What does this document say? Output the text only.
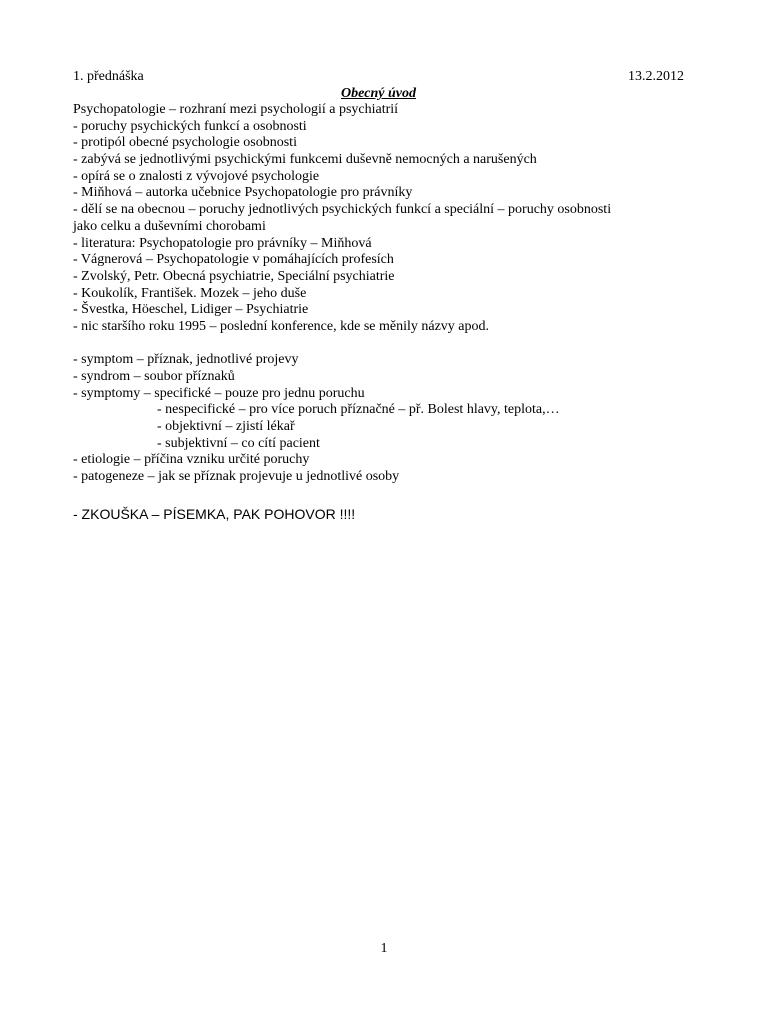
1. přednáška	13.2.2012
Obecný úvod
Psychopatologie – rozhraní mezi psychologií a psychiatrií
- poruchy psychických funkcí a osobnosti
- protipól obecné psychologie osobnosti
- zabývá se jednotlivými psychickými funkcemi duševně nemocných a narušených
- opírá se o znalosti z vývojové psychologie
- Miňhová – autorka učebnice Psychopatologie pro právníky
- dělí se na obecnou – poruchy jednotlivých psychických funkcí a speciální – poruchy osobnosti
jako celku a duševními chorobami
- literatura: Psychopatologie pro právníky – Miňhová
- Vágnerová – Psychopatologie v pomáhajících profesích
- Zvolský, Petr. Obecná psychiatrie, Speciální psychiatrie
- Koukolík, František. Mozek – jeho duše
- Švestka, Höeschel, Lidiger – Psychiatrie
- nic staršího roku 1995 – poslední konference, kde se měnily názvy apod.
- symptom – příznak, jednotlivé projevy
- syndrom – soubor příznaků
- symptomy – specifické – pouze pro jednu poruchu
- nespecifické – pro více poruch příznačné – př. Bolest hlavy, teplota,…
- objektivní – zjistí lékař
- subjektivní – co cítí pacient
- etiologie – příčina vzniku určité poruchy
- patogeneze – jak se příznak projevuje u jednotlivé osoby
- ZKOUŠKA – PÍSEMKA, PAK POHOVOR !!!!
1
